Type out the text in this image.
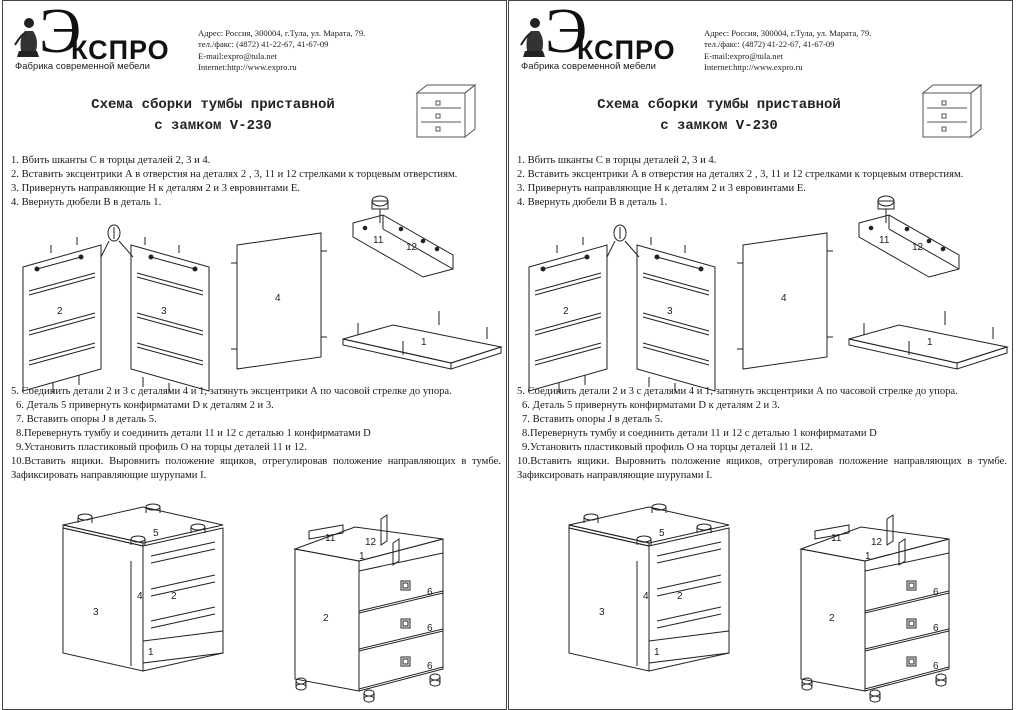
Э
КСПРО
Фабрика современной мебели
Адрес: Россия, 300004, г.Тула, ул. Марата, 79.
тел./факс: (4872) 41-22-67, 41-67-09
E-mail:expro@tula.net
Internet:http://www.expro.ru
Схема сборки тумбы приставной
с замком V-230
2	3
4
11
12
1
5
3
4	2
1
11	12
1
2
6
6
6

1. Вбить шканты С в торцы деталей 2, 3 и 4.

2. Вставить эксцентрики А в отверстия на деталях 2 , 3, 11 и 12 стрелками к торцевым отверстиям.

3. Привернуть направляющие Н к деталям 2 и 3 евровинтами Е.

4. Ввернуть дюбели В в деталь 1.

5. Соединить детали 2 и 3 с деталями 4 и 1, затянуть эксцентрики А по часовой стрелке до упора.

6. Деталь 5 привернуть конфирматами D к деталям 2 и 3.

7. Вставить опоры J в деталь 5.

8.Перевернуть тумбу и соединить детали 11 и 12 с деталью 1 конфирматами D

9.Установить пластиковый профиль О на торцы деталей 11 и 12.

10.Вставить ящики. Выровнить положение ящиков, отрегулировав положение направляющих в тумбе. Зафиксировать направляющие шурупами I.

Э
КСПРО
Фабрика современной мебели
Адрес: Россия, 300004, г.Тула, ул. Марата, 79.
тел./факс: (4872) 41-22-67, 41-67-09
E-mail:expro@tula.net
Internet:http://www.expro.ru
Схема сборки тумбы приставной
с замком V-230
2	3
4
11
12
1
5
3
4	2
1
11	12
1
2
6
6
6

1. Вбить шканты С в торцы деталей 2, 3 и 4.

2. Вставить эксцентрики А в отверстия на деталях 2 , 3, 11 и 12 стрелками к торцевым отверстиям.

3. Привернуть направляющие Н к деталям 2 и 3 евровинтами Е.

4. Ввернуть дюбели В в деталь 1.

5. Соединить детали 2 и 3 с деталями 4 и 1, затянуть эксцентрики А по часовой стрелке до упора.

6. Деталь 5 привернуть конфирматами D к деталям 2 и 3.

7. Вставить опоры J в деталь 5.

8.Перевернуть тумбу и соединить детали 11 и 12 с деталью 1 конфирматами D

9.Установить пластиковый профиль О на торцы деталей 11 и 12.

10.Вставить ящики. Выровнить положение ящиков, отрегулировав положение направляющих в тумбе. Зафиксировать направляющие шурупами I.
